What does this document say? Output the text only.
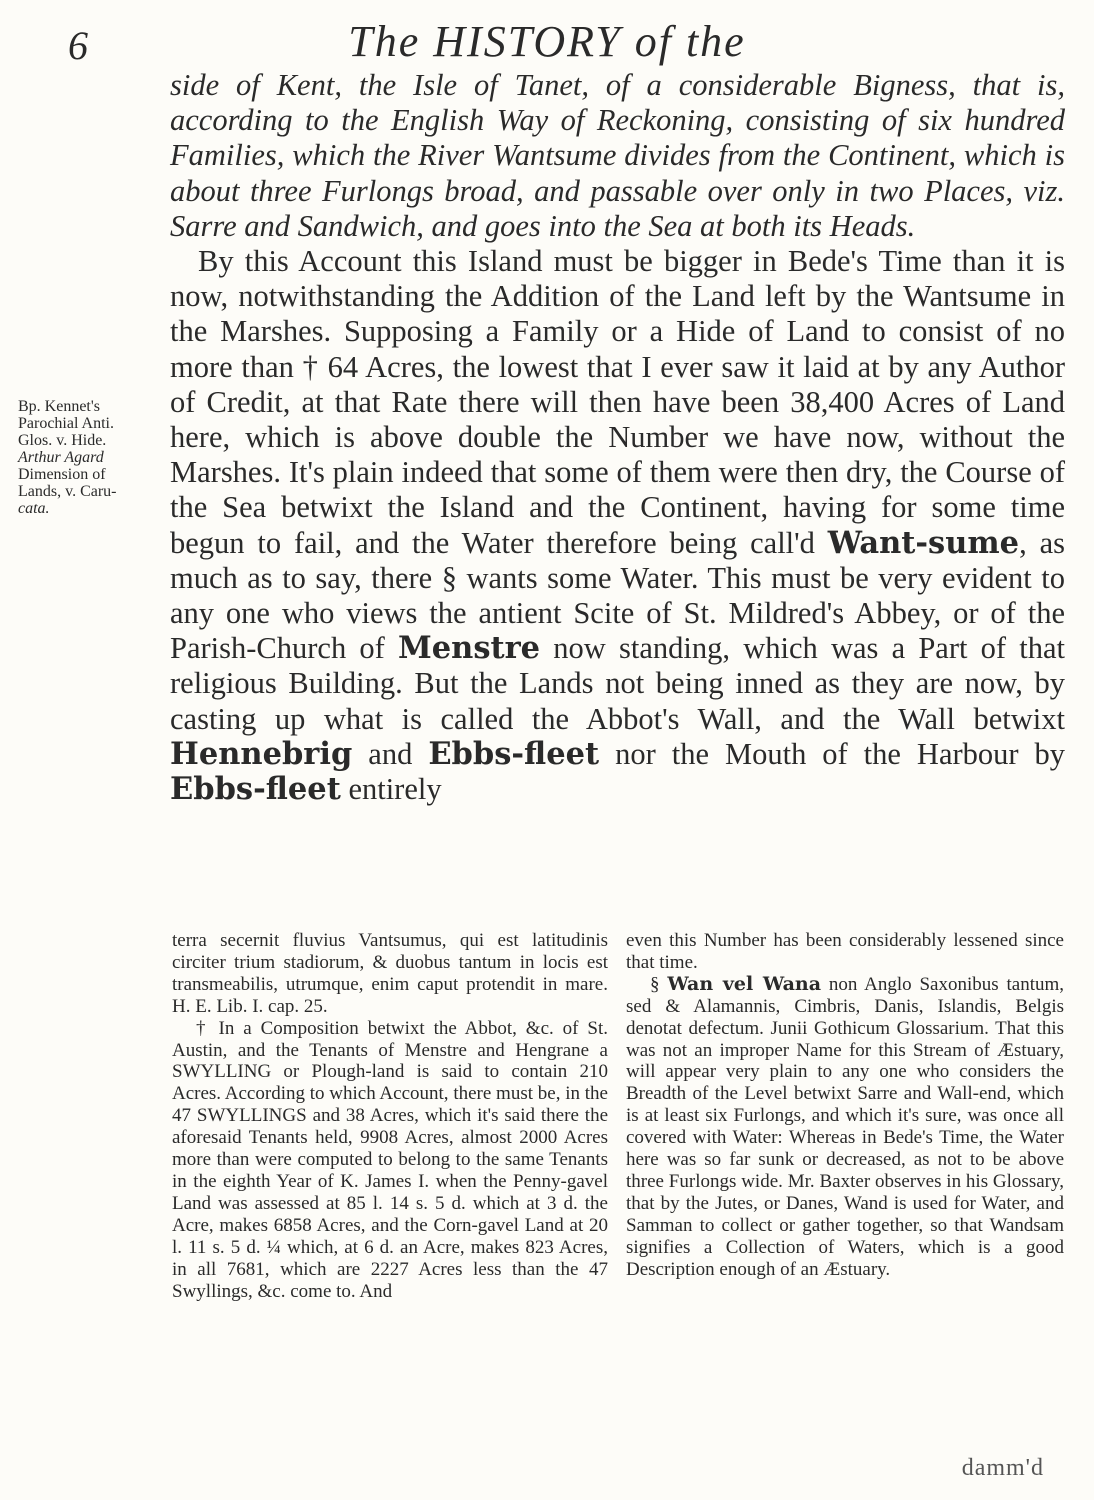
6	The HISTORY of the

side of Kent, the Isle of Tanet, of a considerable Bigness, that is, according to the English Way of Reckoning, consisting of six hundred Families, which the River Wantsume divides from the Continent, which is about three Furlongs broad, and passable over only in two Places, viz. Sarre and Sandwich, and goes into the Sea at both its Heads.

By this Account this Island must be bigger in Bede's Time than it is now, notwithstanding the Addition of the Land left by the Wantsume in the Marshes. Supposing a Family or a Hide of Land to consist of no more than † 64 Acres, the lowest that I ever saw it laid at by any Author of Credit, at that Rate there will then have been 38,400 Acres of Land here, which is above double the Number we have now, without the Marshes. It's plain indeed that some of them were then dry, the Course of the Sea betwixt the Island and the Continent, having for some time begun to fail, and the Water therefore being call'd Want-sume, as much as to say, there § wants some Water. This must be very evident to any one who views the antient Scite of St. Mildred's Abbey, or of the Parish-Church of Menstre now standing, which was a Part of that religious Building. But the Lands not being inned as they are now, by casting up what is called the Abbot's Wall, and the Wall betwixt Hennebrig and Ebbs-fleet nor the Mouth of the Harbour by Ebbs-fleet entirely

Bp. Kennet's
Parochial Anti.
Glos. v. Hide.
Arthur Agard
Dimension of
Lands, v. Caru-
cata.

terra secernit fluvius Vantsumus, qui est latitudinis circiter trium stadiorum, & duobus tantum in locis est transmeabilis, utrumque, enim caput protendit in mare. H. E. Lib. I. cap. 25.

† In a Composition betwixt the Abbot, &c. of St. Austin, and the Tenants of Menstre and Hengrane a SWYLLING or Plough-land is said to contain 210 Acres. According to which Account, there must be, in the 47 SWYLLINGS and 38 Acres, which it's said there the aforesaid Tenants held, 9908 Acres, almost 2000 Acres more than were computed to belong to the same Tenants in the eighth Year of K. James I. when the Penny-gavel Land was assessed at 85 l. 14 s. 5 d. which at 3 d. the Acre, makes 6858 Acres, and the Corn-gavel Land at 20 l. 11 s. 5 d. ¼ which, at 6 d. an Acre, makes 823 Acres, in all 7681, which are 2227 Acres less than the 47 Swyllings, &c. come to. And

even this Number has been considerably lessened since that time.

§ Wan vel Wana non Anglo Saxonibus tantum, sed & Alamannis, Cimbris, Danis, Islandis, Belgis denotat defectum. Junii Gothicum Glossarium. That this was not an improper Name for this Stream of Æstuary, will appear very plain to any one who considers the Breadth of the Level betwixt Sarre and Wall-end, which is at least six Furlongs, and which it's sure, was once all covered with Water: Whereas in Bede's Time, the Water here was so far sunk or decreased, as not to be above three Furlongs wide. Mr. Baxter observes in his Glossary, that by the Jutes, or Danes, Wand is used for Water, and Samman to collect or gather together, so that Wandsam signifies a Collection of Waters, which is a good Description enough of an Æstuary.

damm'd
